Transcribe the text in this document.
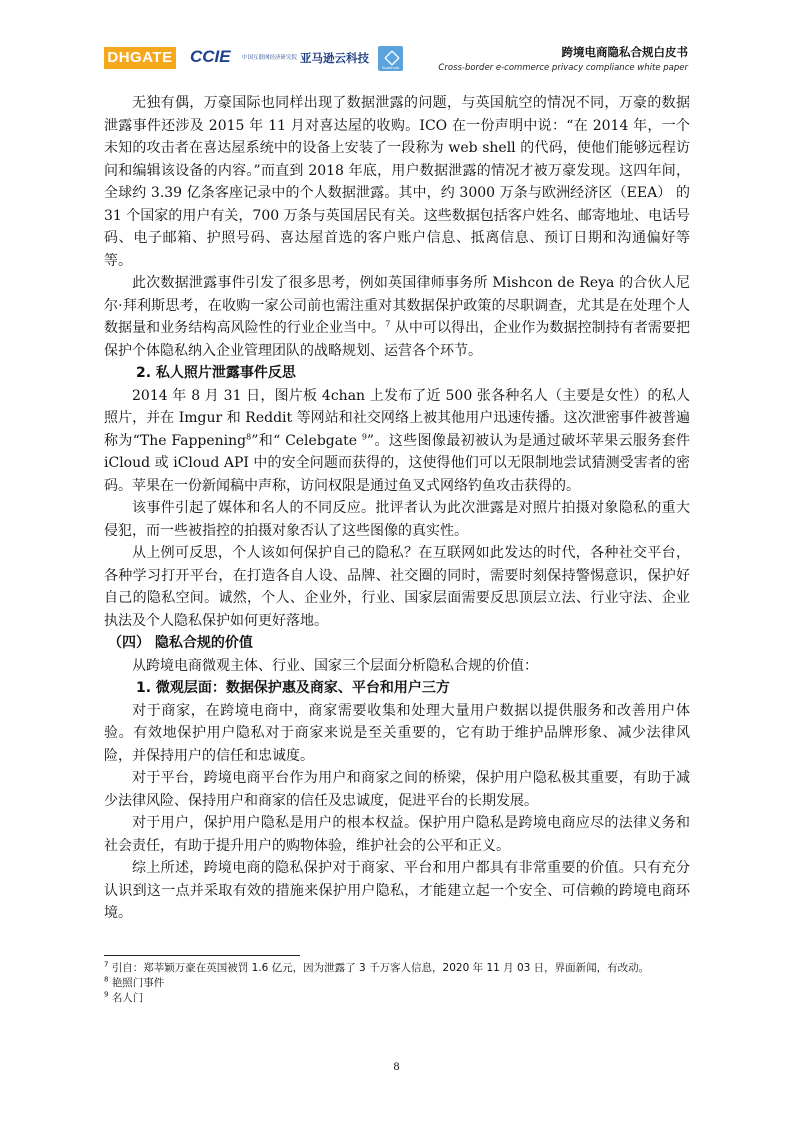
DHGATE CCIE 中国互联网经济研究院 亚马逊云科技
Kuaishuai
跨境电商隐私合规白皮书
Cross-border e-commerce privacy compliance white paper

无独有偶，万豪国际也同样出现了数据泄露的问题，与英国航空的情况不同，万豪的数据泄露事件还涉及 2015 年 11 月对喜达屋的收购。ICO 在一份声明中说：“在 2014 年，一个未知的攻击者在喜达屋系统中的设备上安装了一段称为 web shell 的代码，使他们能够远程访问和编辑该设备的内容。”而直到 2018 年底，用户数据泄露的情况才被万豪发现。这四年间，全球约 3.39 亿条客座记录中的个人数据泄露。其中，约 3000 万条与欧洲经济区（EEA） 的 31 个国家的用户有关，700 万条与英国居民有关。这些数据包括客户姓名、邮寄地址、电话号码、电子邮箱、护照号码、喜达屋首选的客户账户信息、抵离信息、预订日期和沟通偏好等等。

此次数据泄露事件引发了很多思考，例如英国律师事务所 Mishcon de Reya 的合伙人尼尔·拜利斯思考，在收购一家公司前也需注重对其数据保护政策的尽职调查，尤其是在处理个人数据量和业务结构高风险性的行业企业当中。$^7$ 从中可以得出，企业作为数据控制持有者需要把保护个体隐私纳入企业管理团队的战略规划、运营各个环节。

2. 私人照片泄露事件反思

2014 年 8 月 31 日，图片板 4chan 上发布了近 500 张各种名人（主要是女性）的私人照片，并在 Imgur 和 Reddit 等网站和社交网络上被其他用户迅速传播。这次泄密事件被普遍称为“The Fappening$^8$”和“ Celebgate $^9$”。这些图像最初被认为是通过破坏苹果云服务套件 iCloud 或 iCloud API 中的安全问题而获得的，这使得他们可以无限制地尝试猜测受害者的密码。苹果在一份新闻稿中声称，访问权限是通过鱼叉式网络钓鱼攻击获得的。

该事件引起了媒体和名人的不同反应。批评者认为此次泄露是对照片拍摄对象隐私的重大侵犯，而一些被指控的拍摄对象否认了这些图像的真实性。

从上例可反思，个人该如何保护自己的隐私？在互联网如此发达的时代，各种社交平台，各种学习打开平台，在打造各自人设、品牌、社交圈的同时，需要时刻保持警惕意识，保护好自己的隐私空间。诚然，个人、企业外，行业、国家层面需要反思顶层立法、行业守法、企业执法及个人隐私保护如何更好落地。

（四） 隐私合规的价值

从跨境电商微观主体、行业、国家三个层面分析隐私合规的价值：

1. 微观层面：数据保护惠及商家、平台和用户三方

对于商家，在跨境电商中，商家需要收集和处理大量用户数据以提供服务和改善用户体验。有效地保护用户隐私对于商家来说是至关重要的，它有助于维护品牌形象、减少法律风险，并保持用户的信任和忠诚度。

对于平台，跨境电商平台作为用户和商家之间的桥梁，保护用户隐私极其重要，有助于减少法律风险、保持用户和商家的信任及忠诚度，促进平台的长期发展。

对于用户，保护用户隐私是用户的根本权益。保护用户隐私是跨境电商应尽的法律义务和社会责任，有助于提升用户的购物体验，维护社会的公平和正义。

综上所述，跨境电商的隐私保护对于商家、平台和用户都具有非常重要的价值。只有充分认识到这一点并采取有效的措施来保护用户隐私，才能建立起一个安全、可信赖的跨境电商环境。

$^7$ 引自：郑莘颖万豪在英国被罚 1.6 亿元，因为泄露了 3 千万客人信息，2020 年 11 月 03 日，界面新闻，有改动。
$^8$ 艳照门事件
$^9$ 名人门
8
